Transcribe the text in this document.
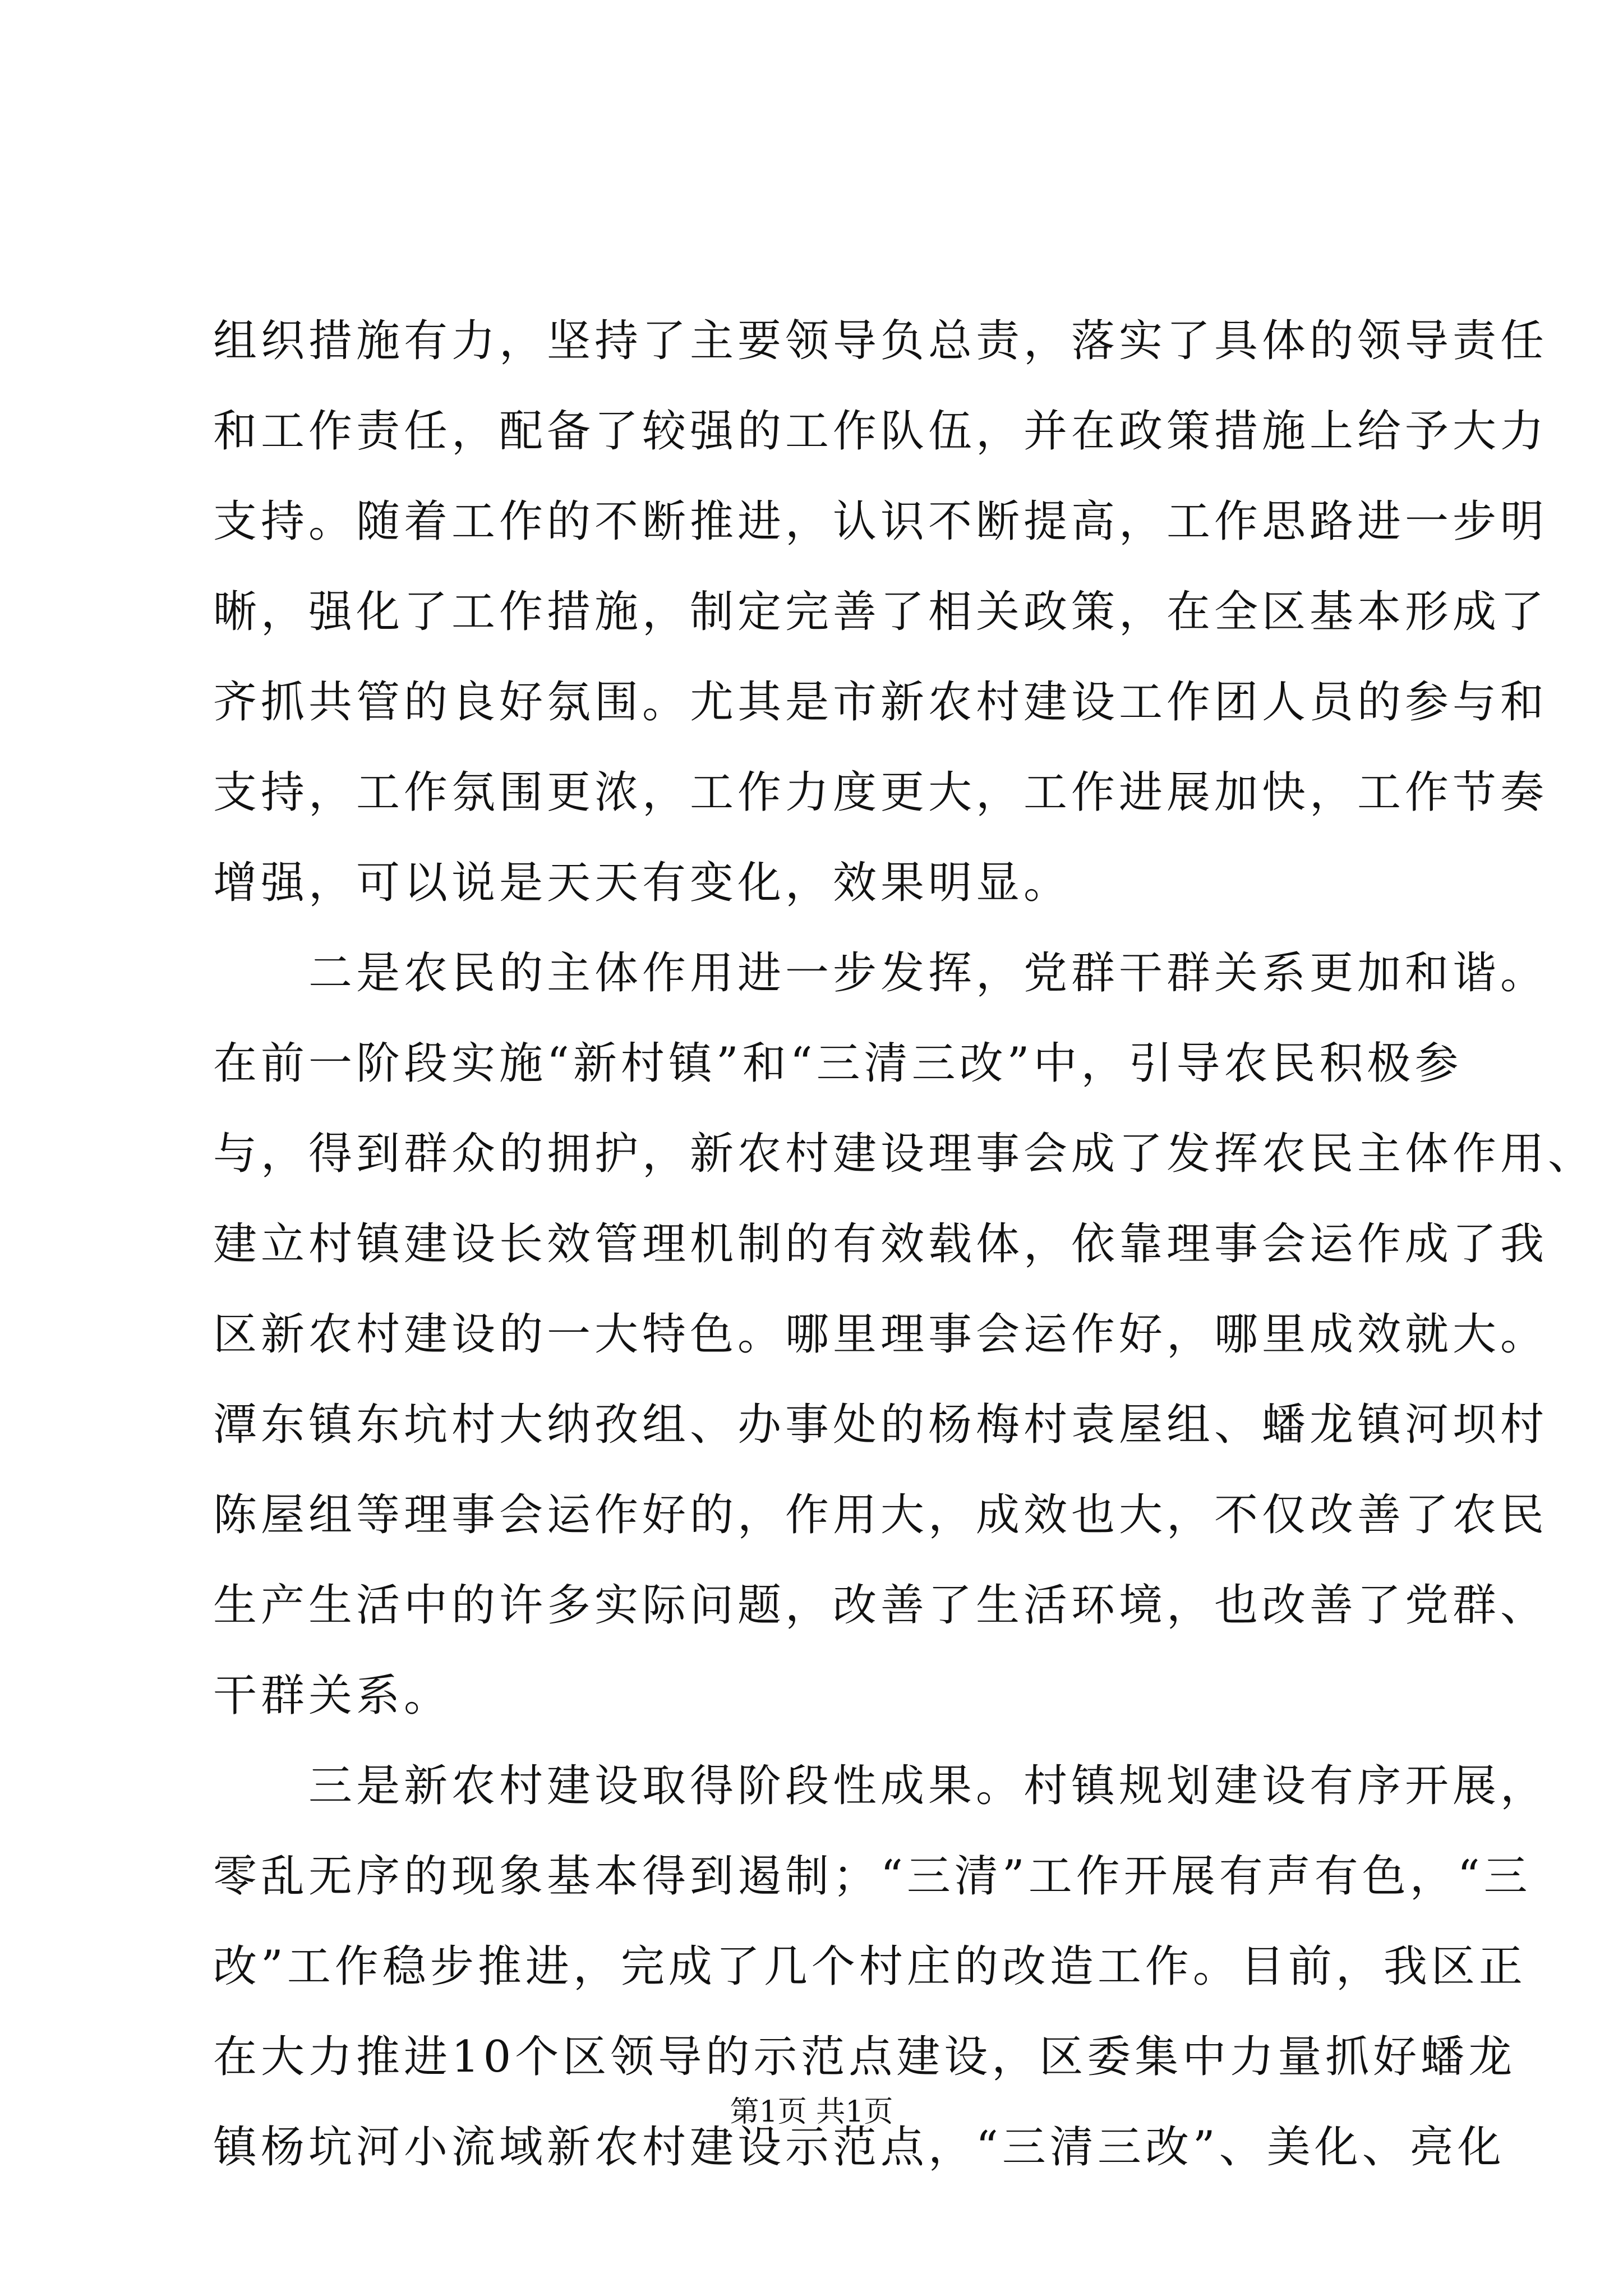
组织措施有力，坚持了主要领导负总责，落实了具体的领导责任
和工作责任，配备了较强的工作队伍，并在政策措施上给予大力
支持。随着工作的不断推进，认识不断提高，工作思路进一步明
晰，强化了工作措施，制定完善了相关政策，在全区基本形成了
齐抓共管的良好氛围。尤其是市新农村建设工作团人员的参与和
支持，工作氛围更浓，工作力度更大，工作进展加快，工作节奏
增强，可以说是天天有变化，效果明显。
　　二是农民的主体作用进一步发挥，党群干群关系更加和谐。
在前一阶段实施“新村镇”和“三清三改”中，引导农民积极参
与，得到群众的拥护，新农村建设理事会成了发挥农民主体作用、
建立村镇建设长效管理机制的有效载体，依靠理事会运作成了我
区新农村建设的一大特色。哪里理事会运作好，哪里成效就大。
潭东镇东坑村大纳孜组、办事处的杨梅村袁屋组、蟠龙镇河坝村
陈屋组等理事会运作好的，作用大，成效也大，不仅改善了农民
生产生活中的许多实际问题，改善了生活环境，也改善了党群、
干群关系。
　　三是新农村建设取得阶段性成果。村镇规划建设有序开展，
零乱无序的现象基本得到遏制；“三清”工作开展有声有色，“三
改”工作稳步推进，完成了几个村庄的改造工作。目前，我区正
在大力推进10个区领导的示范点建设，区委集中力量抓好蟠龙
镇杨坑河小流域新农村建设示范点，“三清三改”、美化、亮化
第1页 共1页
